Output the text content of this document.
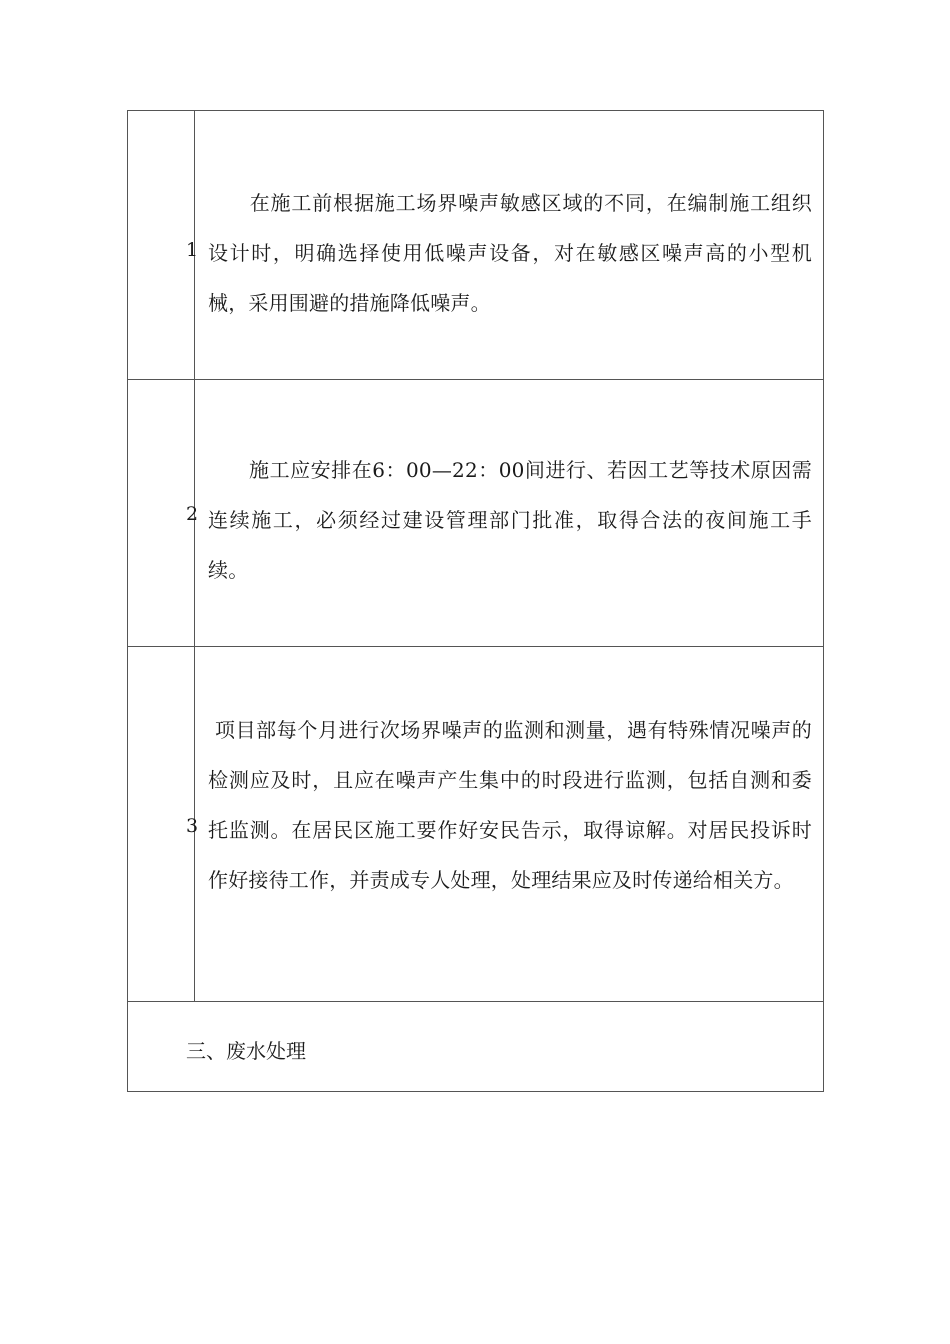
1
　　在施工前根据施工场界噪声敏感区域的不同，在编制施工组织设计时，明确选择使用低噪声设备，对在敏感区噪声高的小型机械，采用围避的措施降低噪声。
2
　　施工应安排在6：00—22：00间进行、若因工艺等技术原因需连续施工，必须经过建设管理部门批准，取得合法的夜间施工手续。
3
项目部每个月进行次场界噪声的监测和测量，遇有特殊情况噪声的检测应及时，且应在噪声产生集中的时段进行监测，包括自测和委托监测。在居民区施工要作好安民告示，取得谅解。对居民投诉时作好接待工作，并责成专人处理，处理结果应及时传递给相关方。
三、废水处理
